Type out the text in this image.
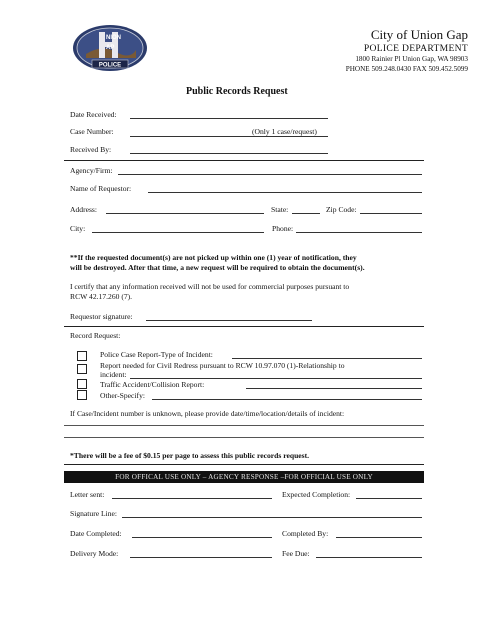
NION
AP
POLICE
City of Union Gap
POLICE DEPARTMENT
1800 Rainier Pl Union Gap, WA 98903
PHONE 509.248.0430 FAX 509.452.5099
Public Records Request
Date Received:
Case Number:	(Only 1 case/request)
Received By:
Agency/Firm:
Name of Requestor:
Address:	State:	Zip Code:
City:	Phone:
**If the requested document(s) are not picked up within one (1) year of notification, they
will be destroyed. After that time, a new request will be required to obtain the document(s).
I certify that any information received will not be used for commercial purposes pursuant to
RCW 42.17.260 (7).
Requestor signature:
Record Request:
Police Case Report-Type of Incident:
Report needed for Civil Redress pursuant to RCW 10.97.070 (1)-Relationship to
incident:
Traffic Accident/Collision Report:
Other-Specify:
If Case/Incident number is unknown, please provide date/time/location/details of incident:
*There will be a fee of $0.15 per page to assess this public records request.
FOR OFFICAL USE ONLY – AGENCY RESPONSE –FOR OFFICIAL USE ONLY
Letter sent:	Expected Completion:
Signature Line:
Date Completed:	Completed By:
Delivery Mode:	Fee Due:
